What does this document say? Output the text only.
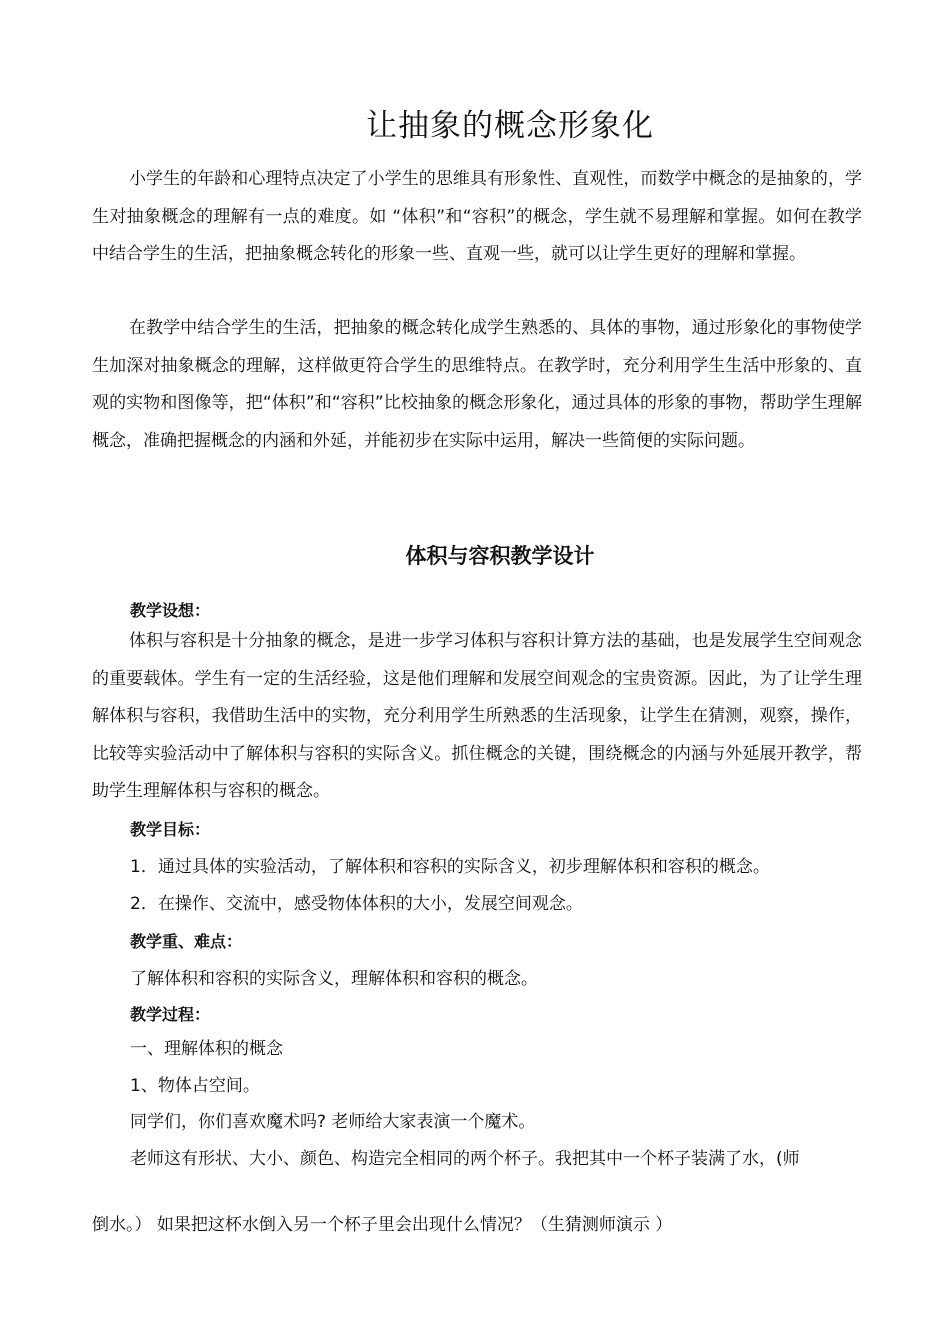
让抽象的概念形象化

小学生的年龄和心理特点决定了小学生的思维具有形象性、直观性，而数学中概念的是抽象的，学生对抽象概念的理解有一点的难度。如 “体积”和“容积”的概念，学生就不易理解和掌握。如何在教学中结合学生的生活，把抽象概念转化的形象一些、直观一些，就可以让学生更好的理解和掌握。

在教学中结合学生的生活，把抽象的概念转化成学生熟悉的、具体的事物，通过形象化的事物使学生加深对抽象概念的理解，这样做更符合学生的思维特点。在教学时，充分利用学生生活中形象的、直观的实物和图像等，把“体积”和“容积”比校抽象的概念形象化，通过具体的形象的事物，帮助学生理解概念，准确把握概念的内涵和外延，并能初步在实际中运用，解决一些简便的实际问题。

体积与容积教学设计
教学设想：

体积与容积是十分抽象的概念，是进一步学习体积与容积计算方法的基础，也是发展学生空间观念的重要载体。学生有一定的生活经验，这是他们理解和发展空间观念的宝贵资源。因此，为了让学生理解体积与容积，我借助生活中的实物，充分利用学生所熟悉的生活现象，让学生在猜测，观察，操作，比较等实验活动中了解体积与容积的实际含义。抓住概念的关键，围绕概念的内涵与外延展开教学，帮助学生理解体积与容积的概念。

教学目标：
1．通过具体的实验活动，了解体积和容积的实际含义，初步理解体积和容积的概念。
2．在操作、交流中，感受物体体积的大小，发展空间观念。
教学重、难点：
了解体积和容积的实际含义，理解体积和容积的概念。
教学过程：
一、理解体积的概念
1、物体占空间。
同学们，你们喜欢魔术吗? 老师给大家表演一个魔术。
老师这有形状、大小、颜色、构造完全相同的两个杯子。我把其中一个杯子装满了水，(师
倒水。） 如果把这杯水倒入另一个杯子里会出现什么情况？（生猜测师演示 ）
